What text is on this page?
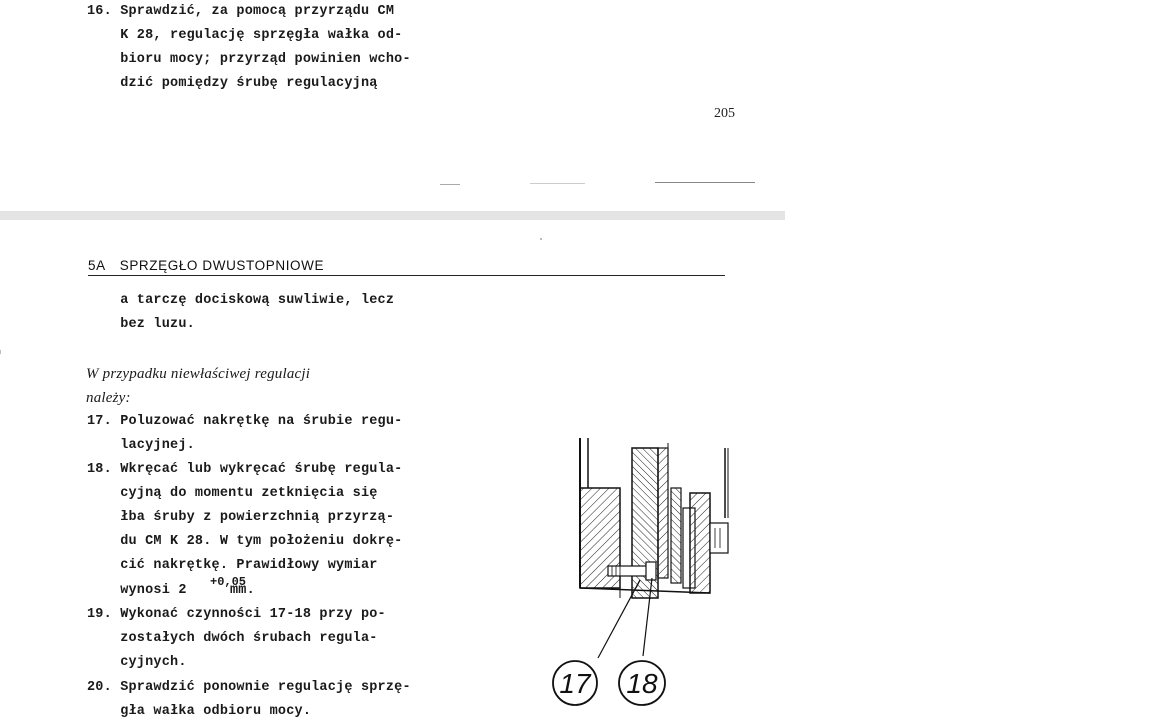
16. Sprawdzić, za pomocą przyrządu CM
K 28, regulację sprzęgła wałka od-
bioru mocy; przyrząd powinien wcho-
dzić pomiędzy śrubę regulacyjną
205
5A SPRZĘGŁO DWUSTOPNIOWE
a tarczę dociskową suwliwie, lecz
bez luzu.
W przypadku niewłaściwej regulacji
należy:
17. Poluzować nakrętkę na śrubie regu-
lacyjnej.
18. Wkręcać lub wykręcać śrubę regula-
cyjną do momentu zetknięcia się
łba śruby z powierzchnią przyrzą-
du CM K 28. W tym położeniu dokrę-
cić nakrętkę. Prawidłowy wymiar
wynosi 2
+0,05
mm.
19. Wykonać czynności 17-18 przy po-
zostałych dwóch śrubach regula-
cyjnych.
20. Sprawdzić ponownie regulację sprzę-
gła wałka odbioru mocy.
17 18
